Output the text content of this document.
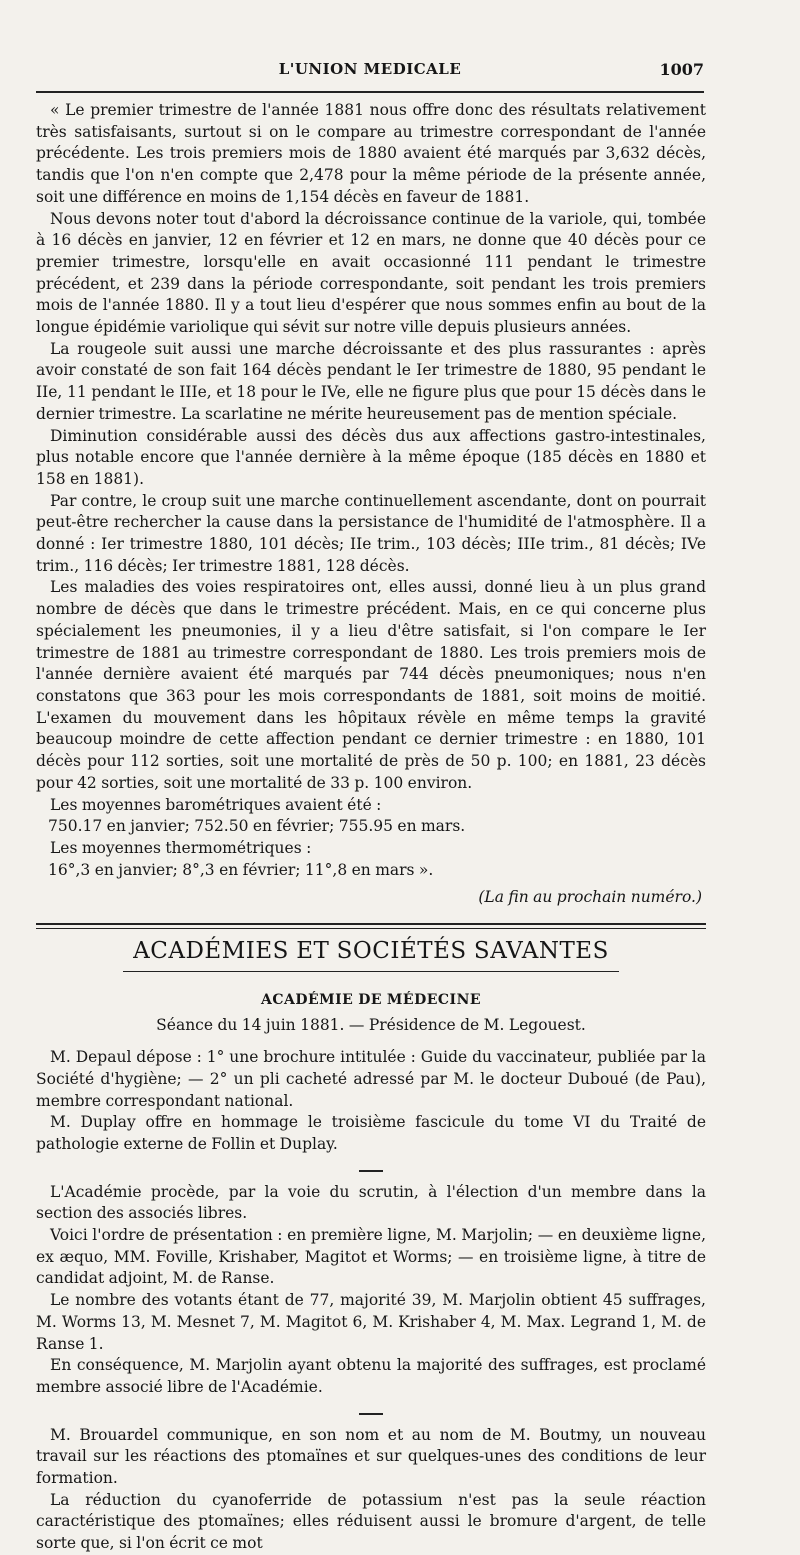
L'UNION MEDICALE	1007

« Le premier trimestre de l'année 1881 nous offre donc des résultats relativement très satisfaisants, surtout si on le compare au trimestre correspondant de l'année précédente. Les trois premiers mois de 1880 avaient été marqués par 3,632 décès, tandis que l'on n'en compte que 2,478 pour la même période de la présente année, soit une différence en moins de 1,154 décès en faveur de 1881.

Nous devons noter tout d'abord la décroissance continue de la variole, qui, tombée à 16 décès en janvier, 12 en février et 12 en mars, ne donne que 40 décès pour ce premier trimestre, lorsqu'elle en avait occasionné 111 pendant le trimestre précédent, et 239 dans la période correspondante, soit pendant les trois premiers mois de l'année 1880. Il y a tout lieu d'espérer que nous sommes enfin au bout de la longue épidémie variolique qui sévit sur notre ville depuis plusieurs années.

La rougeole suit aussi une marche décroissante et des plus rassurantes : après avoir constaté de son fait 164 décès pendant le Ier trimestre de 1880, 95 pendant le IIe, 11 pendant le IIIe, et 18 pour le IVe, elle ne figure plus que pour 15 décès dans le dernier trimestre. La scarlatine ne mérite heureusement pas de mention spéciale.

Diminution considérable aussi des décès dus aux affections gastro-intestinales, plus notable encore que l'année dernière à la même époque (185 décès en 1880 et 158 en 1881).

Par contre, le croup suit une marche continuellement ascendante, dont on pourrait peut-être rechercher la cause dans la persistance de l'humidité de l'atmosphère. Il a donné : Ier trimestre 1880, 101 décès; IIe trim., 103 décès; IIIe trim., 81 décès; IVe trim., 116 décès; Ier trimestre 1881, 128 décès.

Les maladies des voies respiratoires ont, elles aussi, donné lieu à un plus grand nombre de décès que dans le trimestre précédent. Mais, en ce qui concerne plus spécialement les pneumonies, il y a lieu d'être satisfait, si l'on compare le Ier trimestre de 1881 au trimestre correspondant de 1880. Les trois premiers mois de l'année dernière avaient été marqués par 744 décès pneumoniques; nous n'en constatons que 363 pour les mois correspondants de 1881, soit moins de moitié. L'examen du mouvement dans les hôpitaux révèle en même temps la gravité beaucoup moindre de cette affection pendant ce dernier trimestre : en 1880, 101 décès pour 112 sorties, soit une mortalité de près de 50 p. 100; en 1881, 23 décès pour 42 sorties, soit une mortalité de 33 p. 100 environ.

Les moyennes barométriques avaient été :

750.17 en janvier; 752.50 en février; 755.95 en mars.

Les moyennes thermométriques :

16°,3 en janvier; 8°,3 en février; 11°,8 en mars ».

(La fin au prochain numéro.)

ACADÉMIES ET SOCIÉTÉS SAVANTES
ACADÉMIE DE MÉDECINE
Séance du 14 juin 1881. — Présidence de M. Legouest.

M. Depaul dépose : 1° une brochure intitulée : Guide du vaccinateur, publiée par la Société d'hygiène; — 2° un pli cacheté adressé par M. le docteur Duboué (de Pau), membre correspondant national.

M. Duplay offre en hommage le troisième fascicule du tome VI du Traité de pathologie externe de Follin et Duplay.

L'Académie procède, par la voie du scrutin, à l'élection d'un membre dans la section des associés libres.

Voici l'ordre de présentation : en première ligne, M. Marjolin; — en deuxième ligne, ex æquo, MM. Foville, Krishaber, Magitot et Worms; — en troisième ligne, à titre de candidat adjoint, M. de Ranse.

Le nombre des votants étant de 77, majorité 39, M. Marjolin obtient 45 suffrages, M. Worms 13, M. Mesnet 7, M. Magitot 6, M. Krishaber 4, M. Max. Legrand 1, M. de Ranse 1.

En conséquence, M. Marjolin ayant obtenu la majorité des suffrages, est proclamé membre associé libre de l'Académie.

M. Brouardel communique, en son nom et au nom de M. Boutmy, un nouveau travail sur les réactions des ptomaïnes et sur quelques-unes des conditions de leur formation.

La réduction du cyanoferride de potassium n'est pas la seule réaction caractéristique des ptomaïnes; elles réduisent aussi le bromure d'argent, de telle sorte que, si l'on écrit ce mot
